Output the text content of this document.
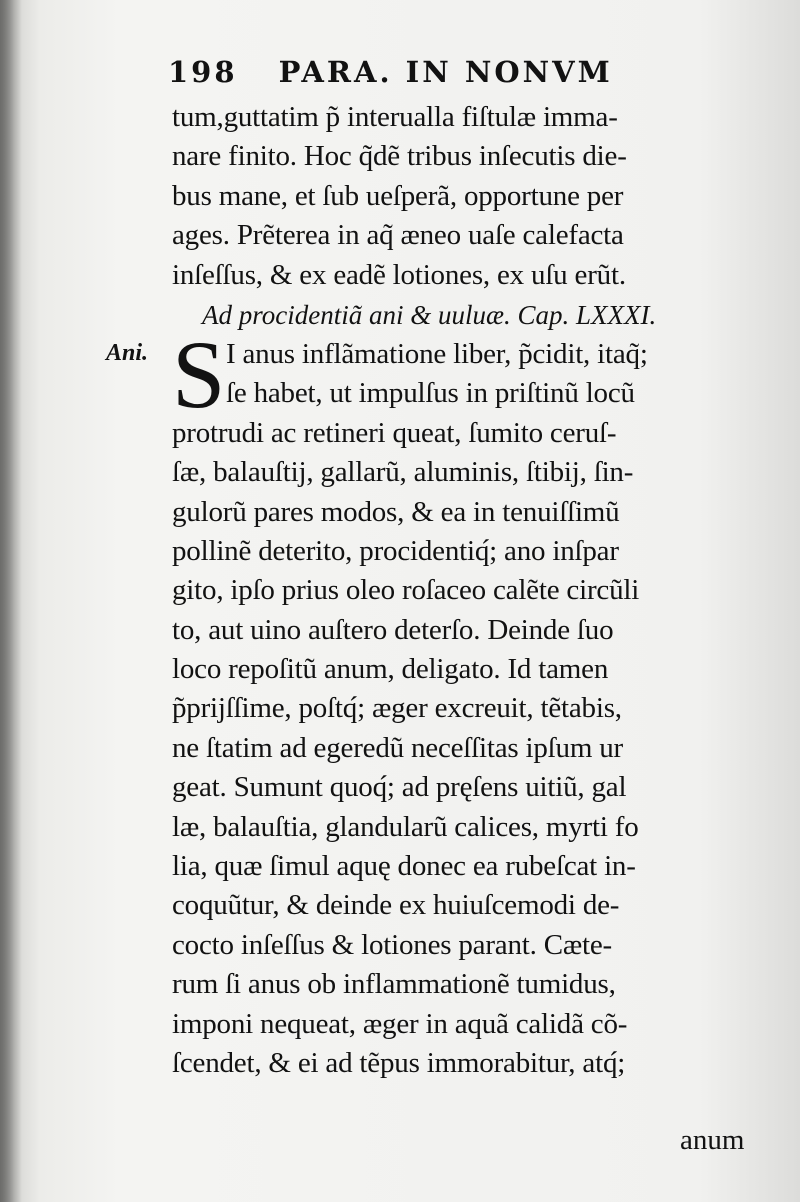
198 PARA. IN NONVM
tum,guttatim p̃ interualla fiſtulæ imma-
nare finito. Hoc q̃dẽ tribus inſecutis die-
bus mane, et ſub ueſperã, opportune per
ages. Prẽterea in aq̃ æneo uaſe calefacta
inſeſſus, & ex eadẽ lotiones, ex uſu erũt.
Ad procidentiã ani & uuluæ. Cap. LXXXI.
I anus inflãmatione liber, p̃cidit, itaq̃;
ſe habet, ut impulſus in priſtinũ locũ
protrudi ac retineri queat, ſumito ceruſ-
ſæ, balauſtij, gallarũ, aluminis, ſtibij, ſin-
gulorũ pares modos, & ea in tenuiſſimũ
pollinẽ deterito, procidentiq́; ano inſpar
gito, ipſo prius oleo roſaceo calẽte circũli
to, aut uino auſtero deterſo. Deinde ſuo
loco repoſitũ anum, deligato. Id tamen
p̃prijſſime, poſtq́; æger excreuit, tẽtabis,
ne ſtatim ad egeredũ neceſſitas ipſum ur
geat. Sumunt quoq́; ad pręſens uitiũ, gal
læ, balauſtia, glandularũ calices, myrti fo
lia, quæ ſimul aquę donec ea rubeſcat in-
coquũtur, & deinde ex huiuſcemodi de-
cocto inſeſſus & lotiones parant. Cæte-
rum ſi anus ob inflammationẽ tumidus,
imponi nequeat, æger in aquã calidã cõ-
ſcendet, & ei ad tẽpus immorabitur, atq́;
Ani. S
anum
